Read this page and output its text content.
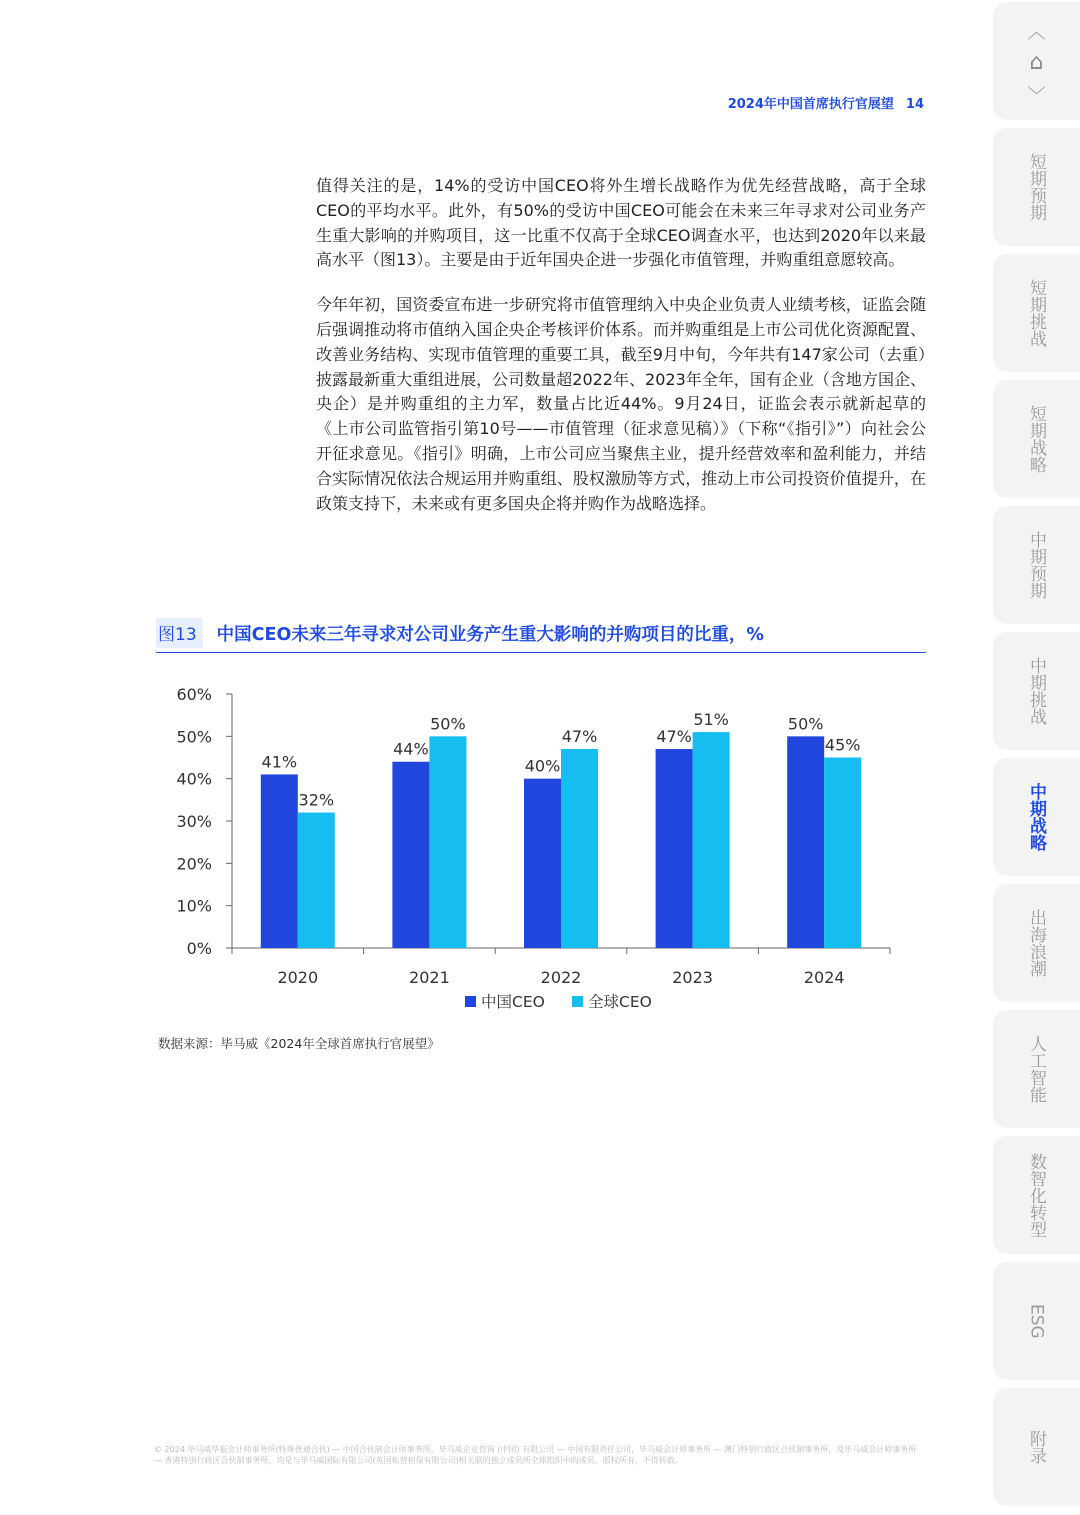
2024年中国首席执行官展望 14

值得关注的是，14%的受访中国CEO将外生增长战略作为优先经营战略，高于全球CEO的平均水平。此外，有50%的受访中国CEO可能会在未来三年寻求对公司业务产生重大影响的并购项目，这一比重不仅高于全球CEO调查水平，也达到2020年以来最高水平（图13）。主要是由于近年国央企进一步强化市值管理，并购重组意愿较高。

今年年初，国资委宣布进一步研究将市值管理纳入中央企业负责人业绩考核，证监会随后强调推动将市值纳入国企央企考核评价体系。而并购重组是上市公司优化资源配置、改善业务结构、实现市值管理的重要工具，截至9月中旬，今年共有147家公司（去重）披露最新重大重组进展，公司数量超2022年、2023年全年，国有企业（含地方国企、央企）是并购重组的主力军，数量占比近44%。9月24日，证监会表示就新起草的《上市公司监管指引第10号——市值管理（征求意见稿）》（下称“《指引》”）向社会公开征求意见。《指引》明确，上市公司应当聚焦主业，提升经营效率和盈利能力，并结合实际情况依法合规运用并购重组、股权激励等方式，推动上市公司投资价值提升，在政策支持下，未来或有更多国央企将并购作为战略选择。

图13 中国CEO未来三年寻求对公司业务产生重大影响的并购项目的比重，%
0%
10%
20%
30%
40%
50%
60%
2020
41%
32%
2021
44%
50%
2022
40%
47%
2023
47%
51%
2024
50%
45%
中国CEO	全球CEO
数据来源：毕马威《2024年全球首席执行官展望》
© 2024 毕马威华振会计师事务所(特殊普通合伙) — 中国合伙制会计师事务所，毕马威企业咨询 (中国) 有限公司 — 中国有限责任公司，毕马威会计师事务所 — 澳门特别行政区合伙制事务所，及毕马威会计师事务所 — 香港特别行政区合伙制事务所，均是与毕马威国际有限公司(英国私营担保有限公司)相关联的独立成员所全球组织中的成员。版权所有，不得转载。
︿
⌂
﹀
短期预期
短期挑战
短期战略
中期预期
中期挑战
中期战略
出海浪潮
人工智能
数智化转型
ESG
附录
